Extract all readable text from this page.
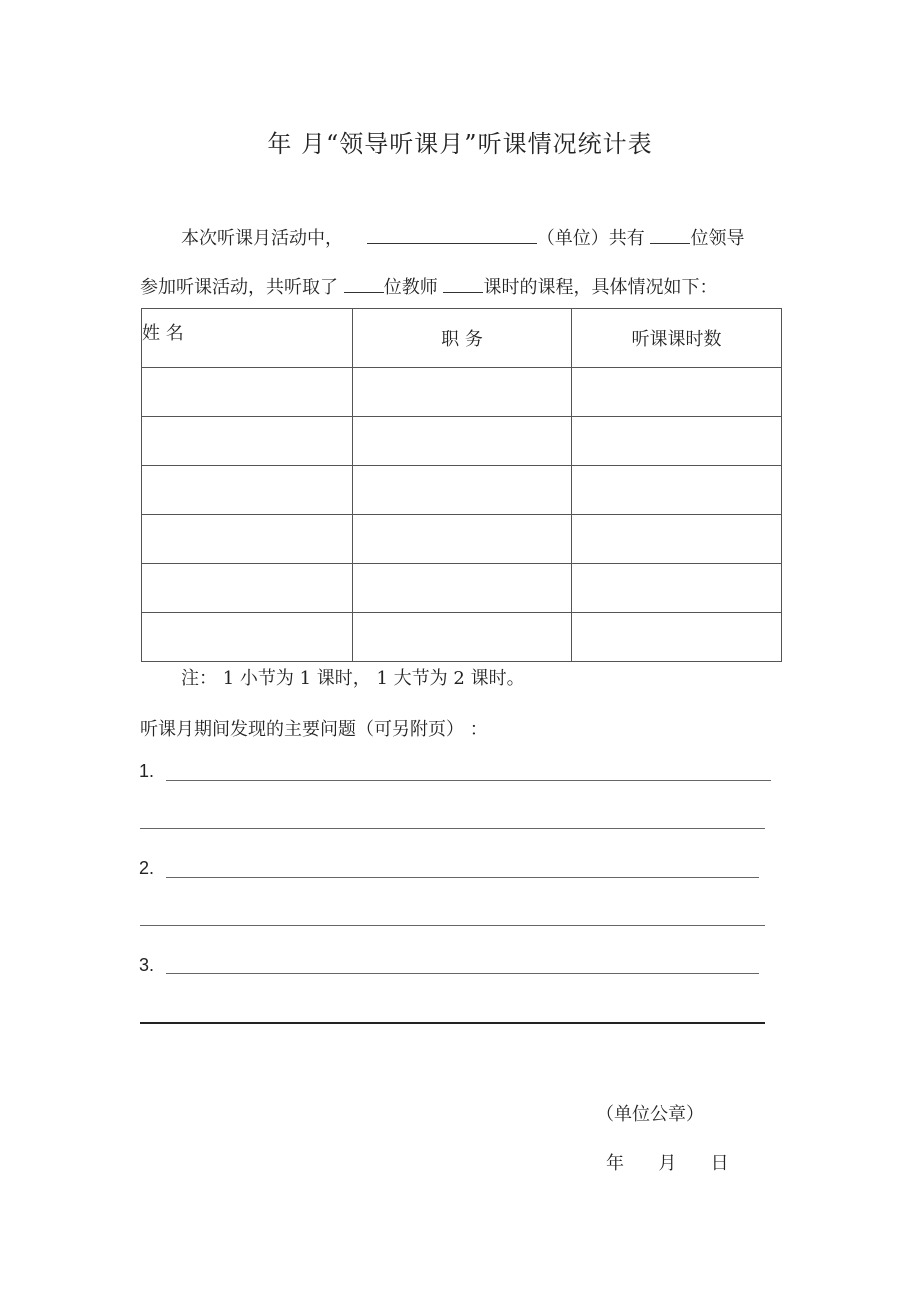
年 月“领导听课月”听课情况统计表
本次听课月活动中，	（单位）共有	位领导
参加听课活动，共听取了	位教师	课时的课程，具体情况如下：
姓 名	职 务	听课课时数

注： 1 小节为 1 课时， 1 大节为 2 课时。
听课月期间发现的主要问题（可另附页） ：
1.
2.
3.
（单位公章）
年      月      日
